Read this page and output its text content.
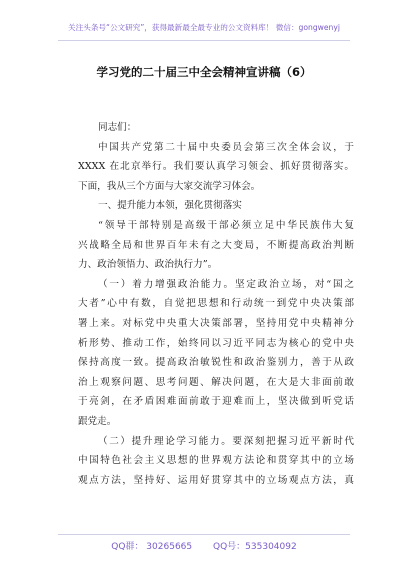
关注头条号“公文研究”，获得最新最全最专业的公文资料库！ 微信：gongwenyj
学习党的二十届三中全会精神宣讲稿（6）
同志们：
中国共产党第二十届中央委员会第三次全体会议，于
XXXX 在北京举行。我们要认真学习领会、抓好贯彻落实。
下面，我从三个方面与大家交流学习体会。
一、提升能力本领，强化贯彻落实
“领导干部特别是高级干部必须立足中华民族伟大复
兴战略全局和世界百年未有之大变局，不断提高政治判断
力、政治领悟力、政治执行力”。
（一）着力增强政治能力。坚定政治立场，对“国之
大者”心中有数，自觉把思想和行动统一到党中央决策部
署上来。对标党中央重大决策部署，坚持用党中央精神分
析形势、推动工作，始终同以习近平同志为核心的党中央
保持高度一致。提高政治敏锐性和政治鉴别力，善于从政
治上观察问题、思考问题、解决问题，在大是大非面前敢
于亮剑，在矛盾困难面前敢于迎难而上，坚决做到听党话
跟党走。
（二）提升理论学习能力。要深刻把握习近平新时代
中国特色社会主义思想的世界观方法论和贯穿其中的立场
观点方法，坚持好、运用好贯穿其中的立场观点方法，真
QQ群： 30265665 QQ号：535304092
